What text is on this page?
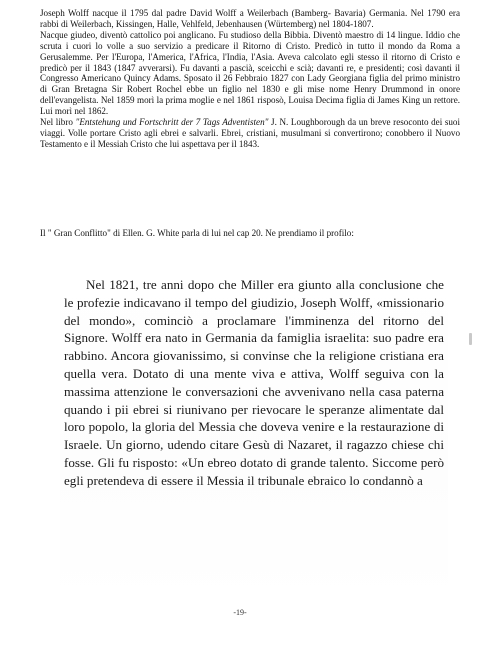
Joseph Wolff nacque il 1795 dal padre David Wolff a Weilerbach (Bamberg- Bavaria) Germania. Nel 1790 era rabbi di Weilerbach, Kissingen, Halle, Vehlfeld, Jebenhausen (Würtemberg) nel 1804-1807.

Nacque giudeo, diventò cattolico poi anglicano. Fu studioso della Bibbia. Diventò maestro di 14 lingue. Iddio che scruta i cuori lo volle a suo servizio a predicare il Ritorno di Cristo. Predicò in tutto il mondo da Roma a Gerusalemme. Per l'Europa, l'America, l'Africa, l'India, l'Asia. Aveva calcolato egli stesso il ritorno di Cristo e predicò per il 1843 (1847 avverarsi). Fu davanti a pascià, sceicchi e scià; davanti re, e presidenti; così davanti il Congresso Americano Quincy Adams. Sposato il 26 Febbraio 1827 con Lady Georgiana figlia del primo ministro di Gran Bretagna Sir Robert Rochel ebbe un figlio nel 1830 e gli mise nome Henry Drummond in onore dell'evangelista. Nel 1859 morì la prima moglie e nel 1861 risposò, Louisa Decima figlia di James King un rettore. Lui morì nel 1862.

Nel libro "Entstehung und Fortschritt der 7 Tags Adventisten" J. N. Loughborough da un breve resoconto dei suoi viaggi. Volle portare Cristo agli ebrei e salvarli. Ebrei, cristiani, musulmani si convertirono; conobbero il Nuovo Testamento e il Messiah Cristo che lui aspettava per il 1843.

Il " Gran Conflitto" di Ellen. G. White parla di lui nel cap 20. Ne prendiamo il profilo:

Nel 1821, tre anni dopo che Miller era giunto alla conclusione che le profezie indicavano il tempo del giudizio, Joseph Wolff, «missionario del mondo», cominciò a proclamare l'imminenza del ritorno del Signore. Wolff era nato in Germania da famiglia israelita: suo padre era rabbino. Ancora giovanissimo, si convinse che la religione cristiana era quella vera. Dotato di una mente viva e attiva, Wolff seguiva con la massima attenzione le conversazioni che avvenivano nella casa paterna quando i pii ebrei si riunivano per rievocare le speranze alimentate dal loro popolo, la gloria del Messia che doveva venire e la restaurazione di Israele. Un giorno, udendo citare Gesù di Nazaret, il ragazzo chiese chi fosse. Gli fu risposto: «Un ebreo dotato di grande talento. Siccome però egli pretendeva di essere il Messia il tribunale ebraico lo condannò a

-19-
